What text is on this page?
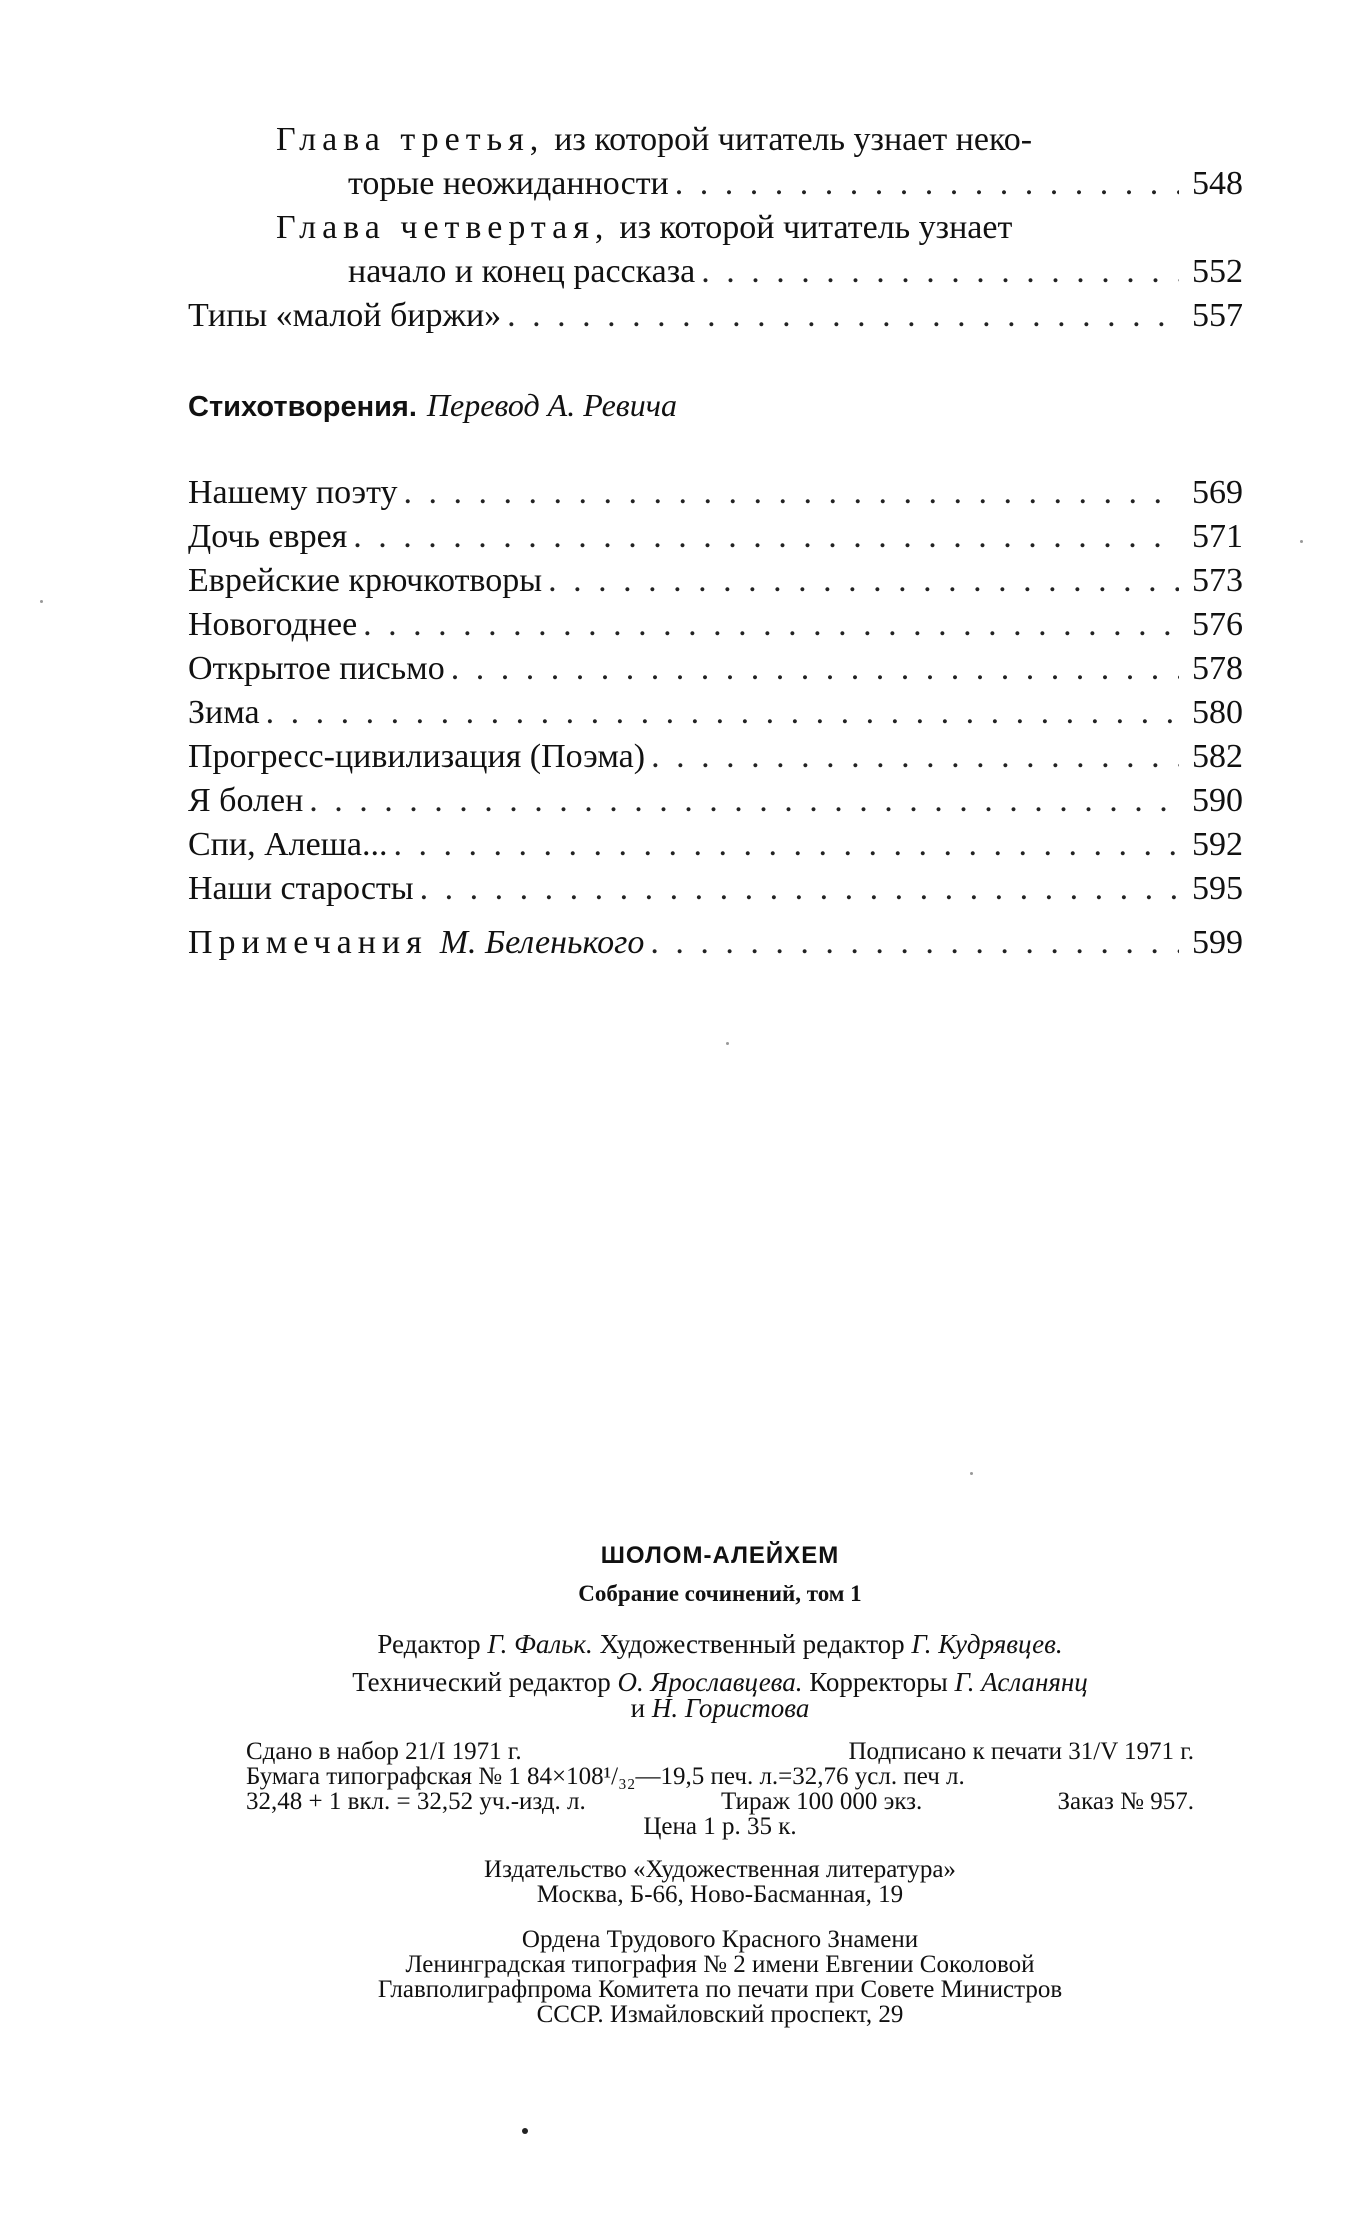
Глава третья, из которой читатель узнает неко-
торые неожиданности . . .	548
Глава четвертая, из которой читатель узнает
начало и конец рассказа . . .	552
Типы «малой биржи» . . .	557
Стихотворения. Перевод А. Ревича
Нашему поэту . . .	569
Дочь еврея . . .	571
Еврейские крючкотворы . . .	573
Новогоднее . . .	576
Открытое письмо . . .	578
Зима . . .	580
Прогресс-цивилизация (Поэма) . . .	582
Я болен . . .	590
Спи, Алеша... . . .	592
Наши старосты . . .	595
Примечания М. Беленького . . .	599
ШОЛОМ-АЛЕЙХЕМ
Собрание сочинений, том 1
Редактор Г. Фальк. Художественный редактор Г. Кудрявцев.
Технический редактор О. Ярославцева. Корректоры Г. Асланянц
и Н. Гористова
Сдано в набор 21/I 1971 г.	Подписано к печати 31/V 1971 г.
Бумага типографская № 1 84×108¹/₃₂—19,5 печ. л.=32,76 усл. печ л.
32,48 + 1 вкл. = 32,52 уч.-изд. л.	Тираж 100 000 экз.	Заказ № 957.
Цена 1 р. 35 к.
Издательство «Художественная литература»
Москва, Б-66, Ново-Басманная, 19
Ордена Трудового Красного Знамени
Ленинградская типография № 2 имени Евгении Соколовой
Главполиграфпрома Комитета по печати при Совете Министров
СССР. Измайловский проспект, 29
